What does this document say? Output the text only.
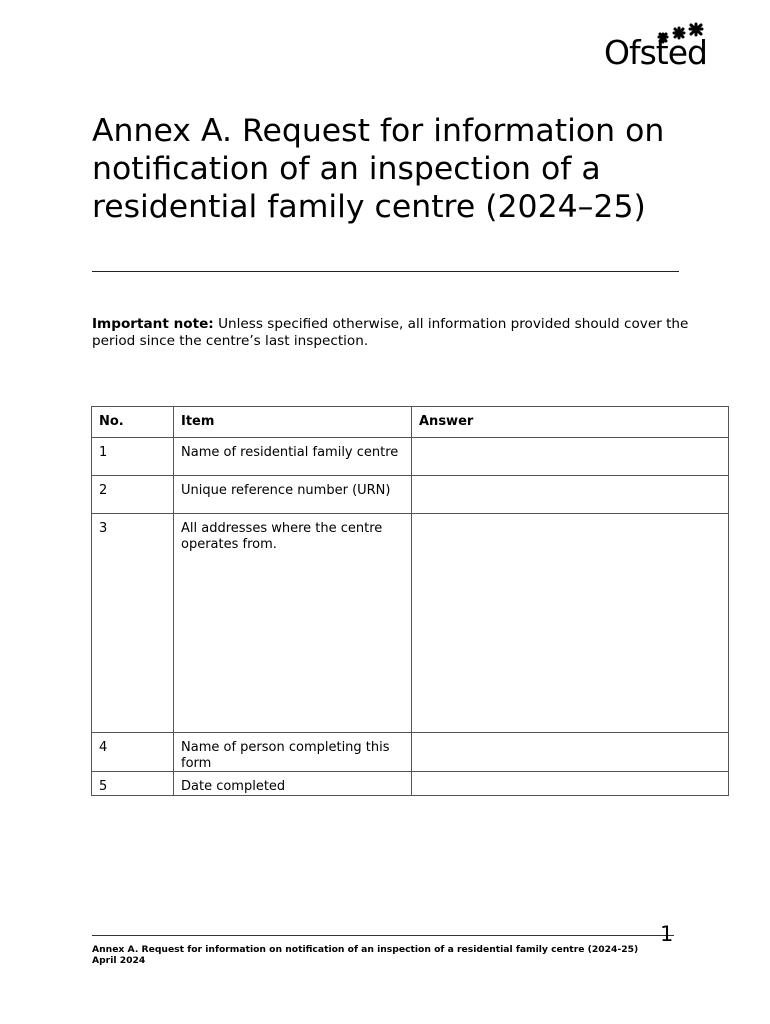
Ofsted
Annex A. Request for information on notification of an inspection of a residential family centre (2024–25)
Important note: Unless specified otherwise, all information provided should cover the period since the centre’s last inspection.
No.	Item	Answer
1	Name of residential family centre	
2	Unique reference number (URN)	
3	All addresses where the centre operates from.	
4	Name of person completing this form	
5	Date completed	
1
Annex A. Request for information on notification of an inspection of a residential family centre (2024-25)
April 2024
